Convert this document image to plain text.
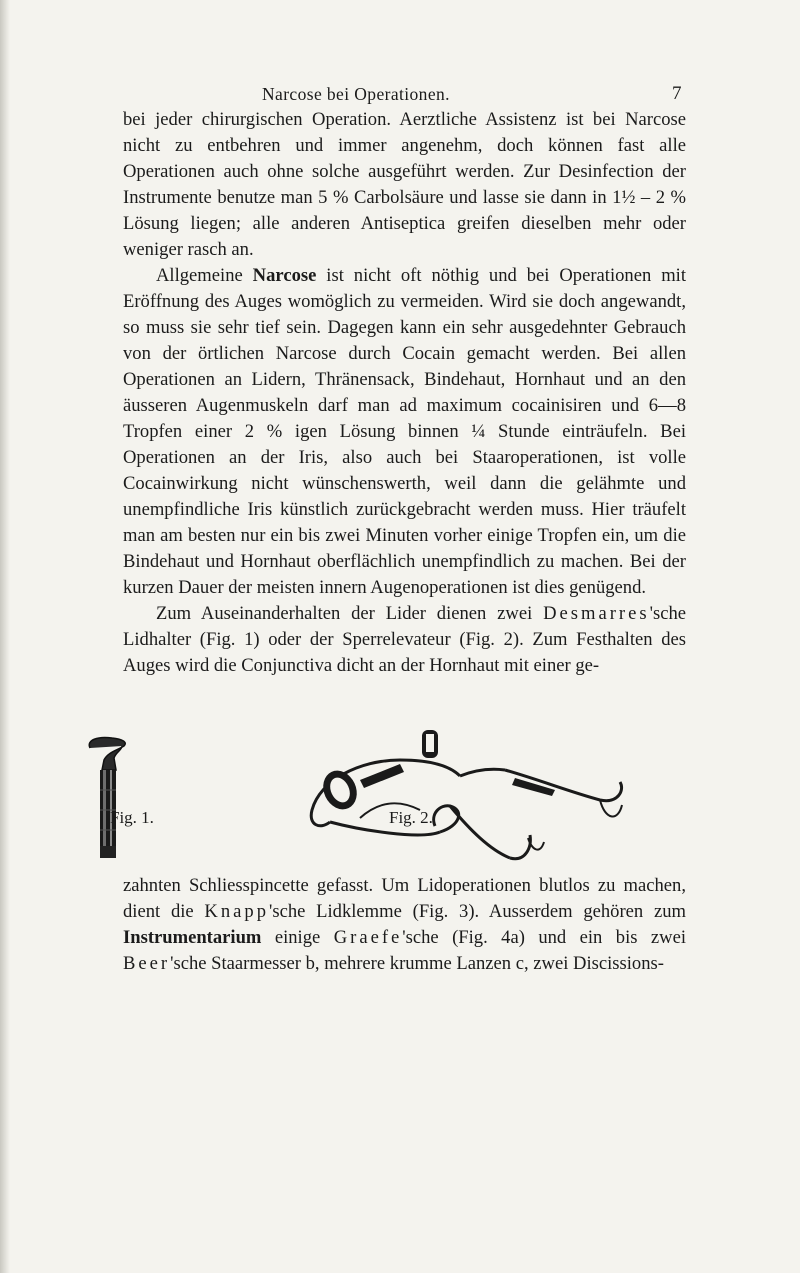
Narcose bei Operationen.	7

bei jeder chirurgischen Operation. Aerztliche Assistenz ist bei Narcose nicht zu entbehren und immer angenehm, doch können fast alle Operationen auch ohne solche ausgeführt werden. Zur Desinfection der Instrumente benutze man 5 % Carbolsäure und lasse sie dann in 1½ – 2 % Lösung liegen; alle anderen Antiseptica greifen dieselben mehr oder weniger rasch an.

Allgemeine Narcose ist nicht oft nöthig und bei Operationen mit Eröffnung des Auges womöglich zu vermeiden. Wird sie doch angewandt, so muss sie sehr tief sein. Dagegen kann ein sehr ausgedehnter Gebrauch von der örtlichen Narcose durch Cocain gemacht werden. Bei allen Operationen an Lidern, Thränensack, Bindehaut, Hornhaut und an den äusseren Augenmuskeln darf man ad maximum cocainisiren und 6—8 Tropfen einer 2 % igen Lösung binnen ¼ Stunde einträufeln. Bei Operationen an der Iris, also auch bei Staaroperationen, ist volle Cocainwirkung nicht wünschenswerth, weil dann die gelähmte und unempfindliche Iris künstlich zurückgebracht werden muss. Hier träufelt man am besten nur ein bis zwei Minuten vorher einige Tropfen ein, um die Bindehaut und Hornhaut oberflächlich unempfindlich zu machen. Bei der kurzen Dauer der meisten innern Augenoperationen ist dies genügend.

Zum Auseinanderhalten der Lider dienen zwei Desmarres'sche Lidhalter (Fig. 1) oder der Sperrelevateur (Fig. 2). Zum Festhalten des Auges wird die Conjunctiva dicht an der Hornhaut mit einer ge-

Fig. 1.	Fig. 2.

zahnten Schliesspincette gefasst. Um Lidoperationen blutlos zu machen, dient die Knapp'sche Lidklemme (Fig. 3). Ausserdem gehören zum Instrumentarium einige Graefe'sche (Fig. 4a) und ein bis zwei Beer'sche Staarmesser b, mehrere krumme Lanzen c, zwei Discissions-
